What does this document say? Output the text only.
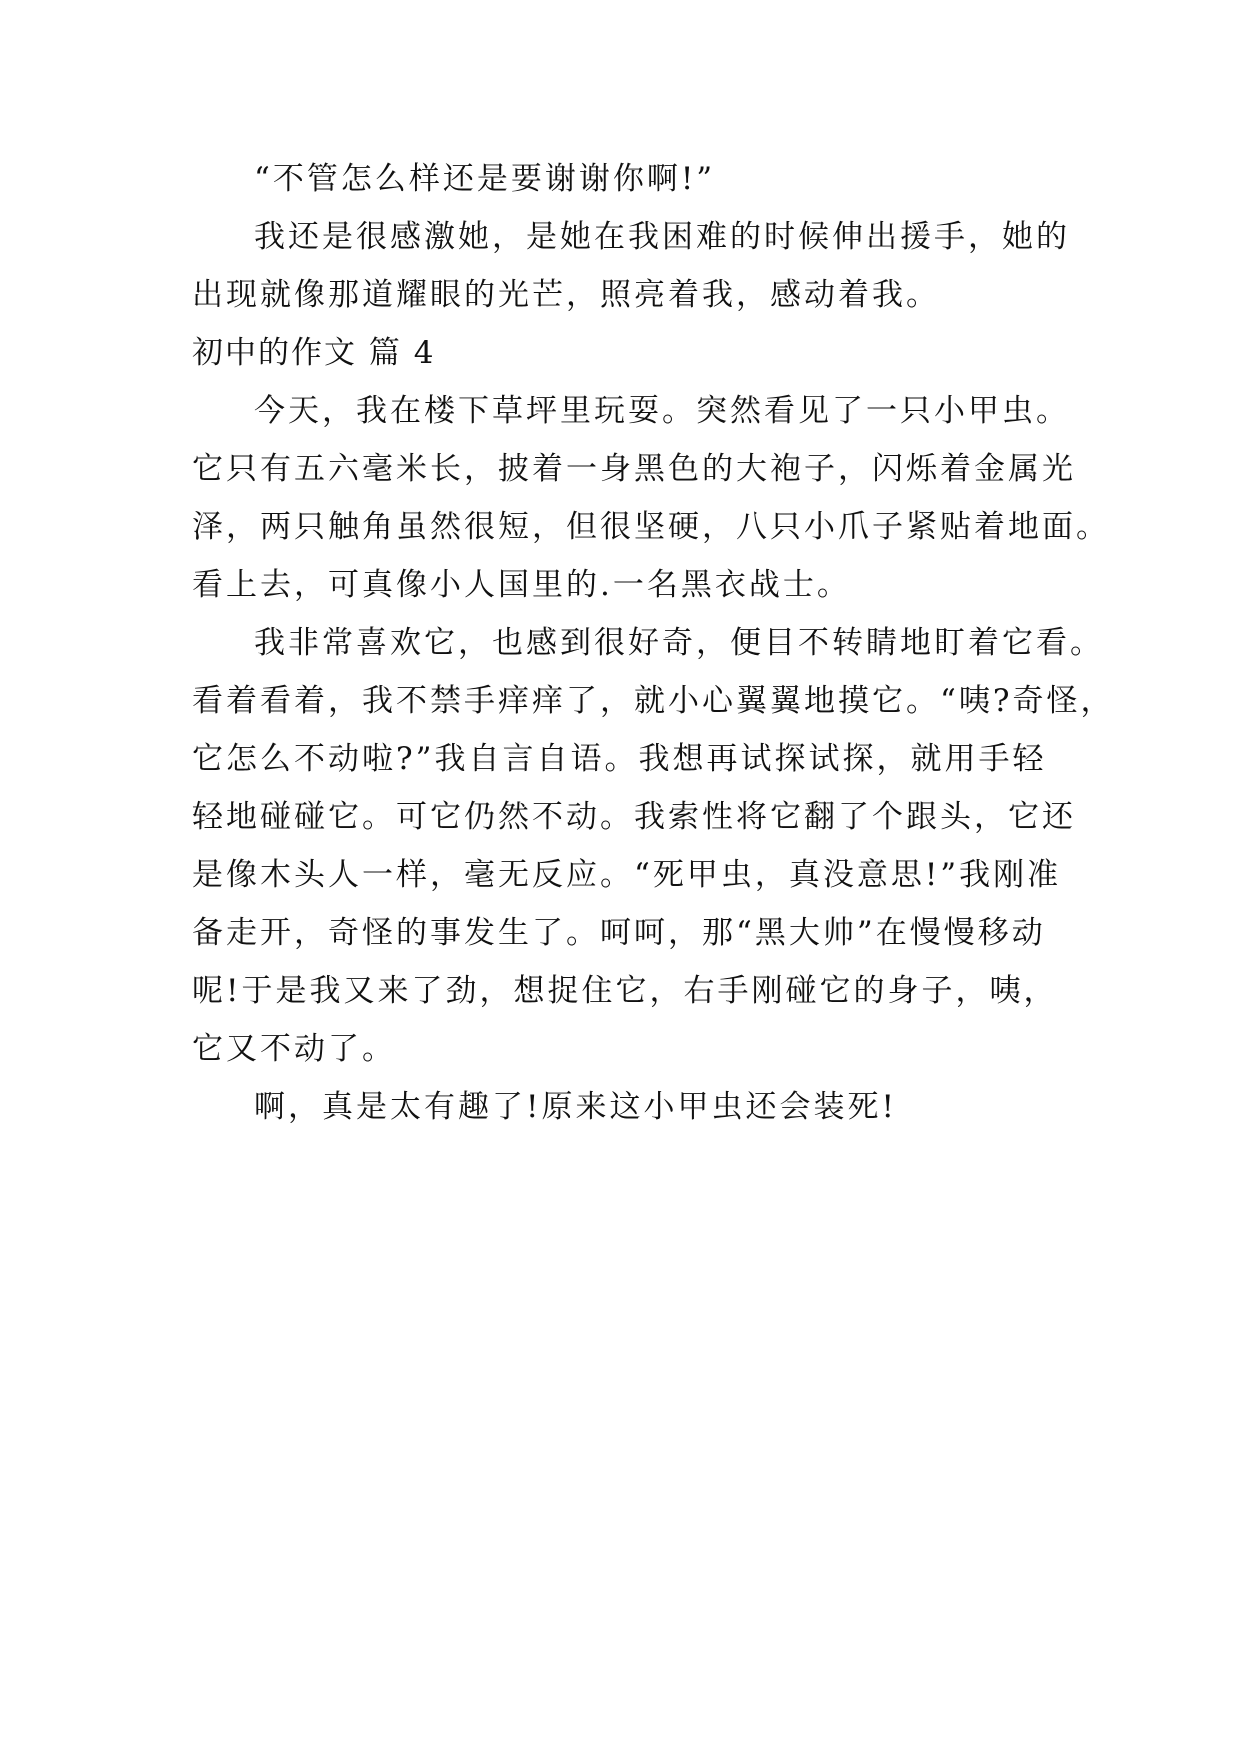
“不管怎么样还是要谢谢你啊!”
我还是很感激她，是她在我困难的时候伸出援手，她的
出现就像那道耀眼的光芒，照亮着我，感动着我。
初中的作文 篇 4
今天，我在楼下草坪里玩耍。突然看见了一只小甲虫。
它只有五六毫米长，披着一身黑色的大袍子，闪烁着金属光
泽，两只触角虽然很短，但很坚硬，八只小爪子紧贴着地面。
看上去，可真像小人国里的.一名黑衣战士。
我非常喜欢它，也感到很好奇，便目不转睛地盯着它看。
看着看着，我不禁手痒痒了，就小心翼翼地摸它。“咦?奇怪，
它怎么不动啦?”我自言自语。我想再试探试探，就用手轻
轻地碰碰它。可它仍然不动。我索性将它翻了个跟头，它还
是像木头人一样，毫无反应。“死甲虫，真没意思!”我刚准
备走开，奇怪的事发生了。呵呵，那“黑大帅”在慢慢移动
呢!于是我又来了劲，想捉住它，右手刚碰它的身子，咦，
它又不动了。
啊，真是太有趣了!原来这小甲虫还会装死!
